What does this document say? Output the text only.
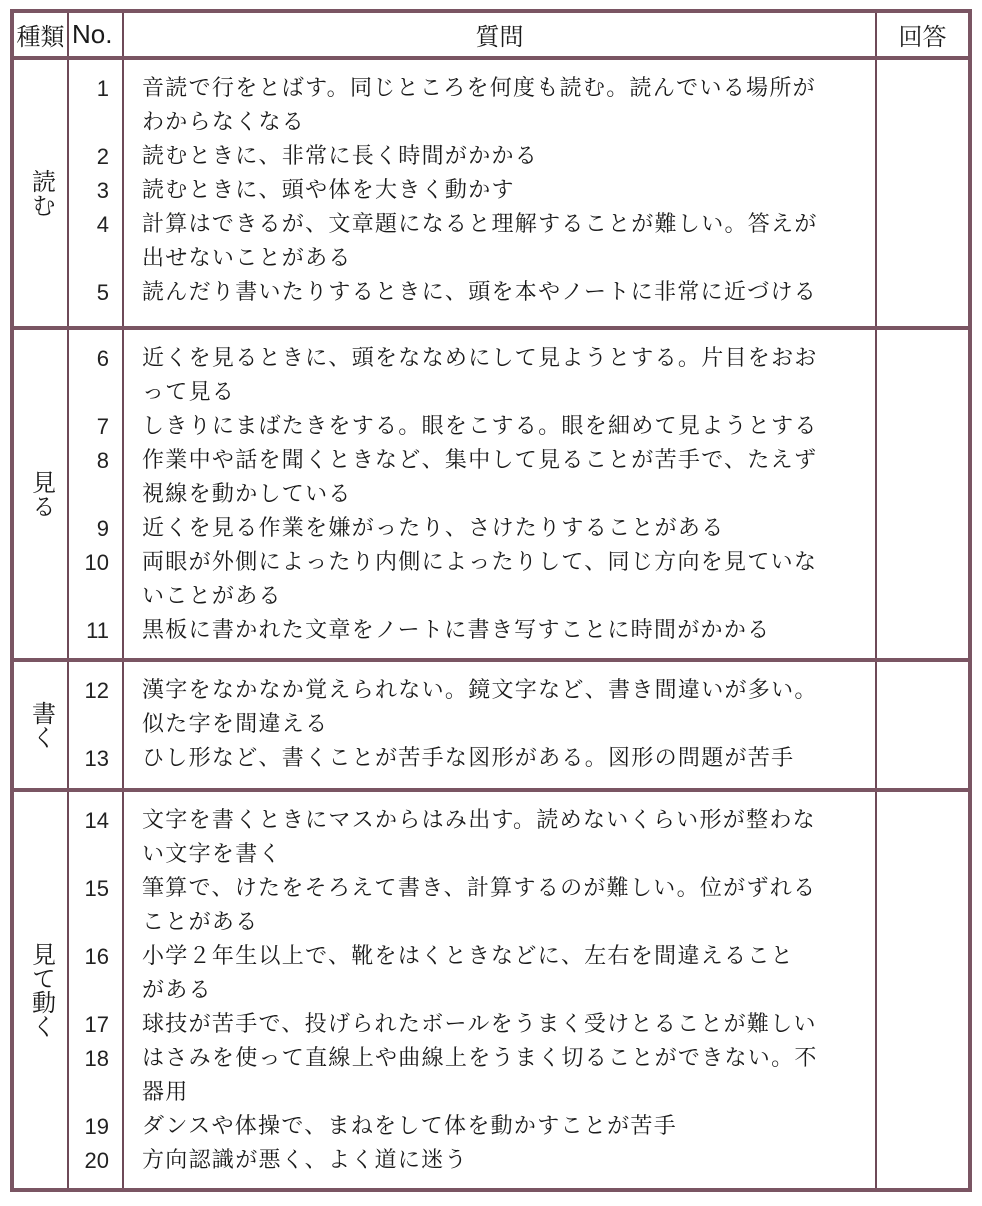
種類 No.	質問	回答
読む
1	音読で行をとばす。同じところを何度も読む。読んでいる場所が
わからなくなる
2	読むときに、非常に長く時間がかかる
3	読むときに、頭や体を大きく動かす
4	計算はできるが、文章題になると理解することが難しい。答えが
出せないことがある
5	読んだり書いたりするときに、頭を本やノートに非常に近づける
見る
6	近くを見るときに、頭をななめにして見ようとする。片目をおお
って見る
7	しきりにまばたきをする。眼をこする。眼を細めて見ようとする
8	作業中や話を聞くときなど、集中して見ることが苦手で、たえず
視線を動かしている
9	近くを見る作業を嫌がったり、さけたりすることがある
10	両眼が外側によったり内側によったりして、同じ方向を見ていな
いことがある
11	黒板に書かれた文章をノートに書き写すことに時間がかかる
書く
12	漢字をなかなか覚えられない。鏡文字など、書き間違いが多い。
似た字を間違える
13	ひし形など、書くことが苦手な図形がある。図形の問題が苦手
見て動く
14	文字を書くときにマスからはみ出す。読めないくらい形が整わな
い文字を書く
15	筆算で、けたをそろえて書き、計算するのが難しい。位がずれる
ことがある
16	小学２年生以上で、靴をはくときなどに、左右を間違えること
がある
17	球技が苦手で、投げられたボールをうまく受けとることが難しい
18	はさみを使って直線上や曲線上をうまく切ることができない。不
器用
19	ダンスや体操で、まねをして体を動かすことが苦手
20	方向認識が悪く、よく道に迷う
